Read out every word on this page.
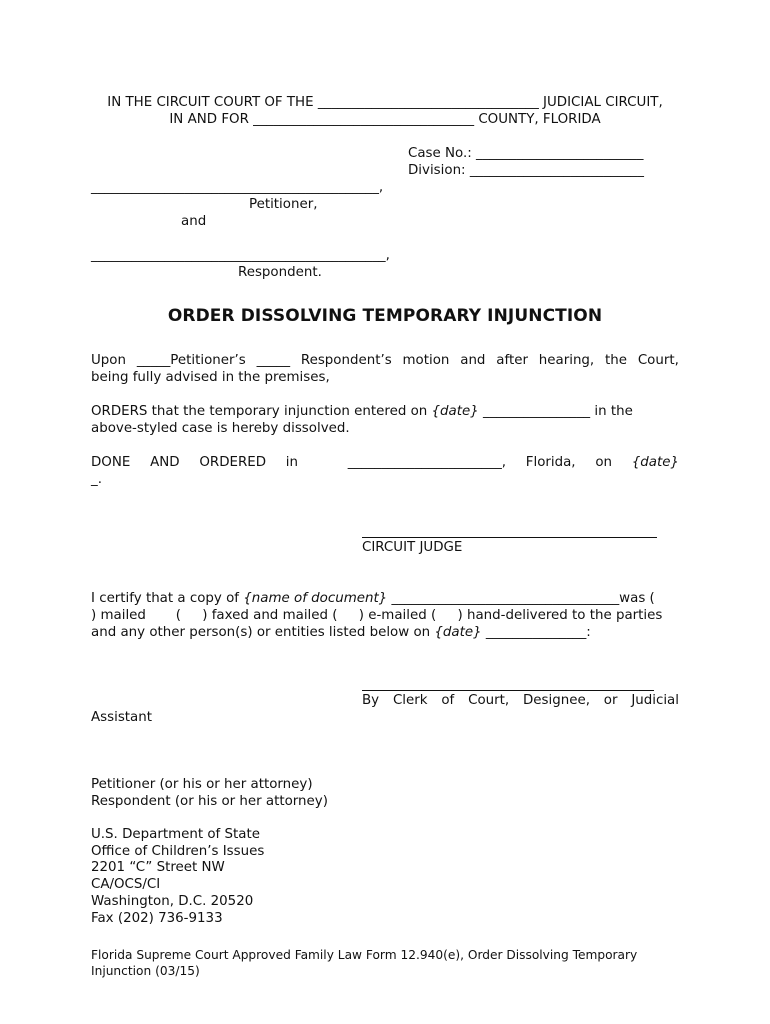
IN THE CIRCUIT COURT OF THE _________________________________ JUDICIAL CIRCUIT,
IN AND FOR _________________________________ COUNTY, FLORIDA
Case No.: _________________________
Division: __________________________
___________________________________________,
Petitioner,
and
____________________________________________,
Respondent.
ORDER DISSOLVING TEMPORARY INJUNCTION
Upon _____Petitioner’s _____ Respondent’s motion and after hearing, the Court,
being fully advised in the premises,
ORDERS that the temporary injunction entered on {date} ________________ in the
above-styled case is hereby dissolved.
DONE AND ORDERED in	_______________________, Florida, on {date}
_.
CIRCUIT JUDGE
I certify that a copy of {name of document} __________________________________was (
) mailed       (     ) faxed and mailed (     ) e-mailed (     ) hand-delivered to the parties
and any other person(s) or entities listed below on {date} _______________:
By Clerk of Court, Designee, or Judicial
Assistant
Petitioner (or his or her attorney)
Respondent (or his or her attorney)
U.S. Department of State
Office of Children’s Issues
2201 “C” Street NW
CA/OCS/CI
Washington, D.C. 20520
Fax (202) 736-9133
Florida Supreme Court Approved Family Law Form 12.940(e), Order Dissolving Temporary
Injunction (03/15)
